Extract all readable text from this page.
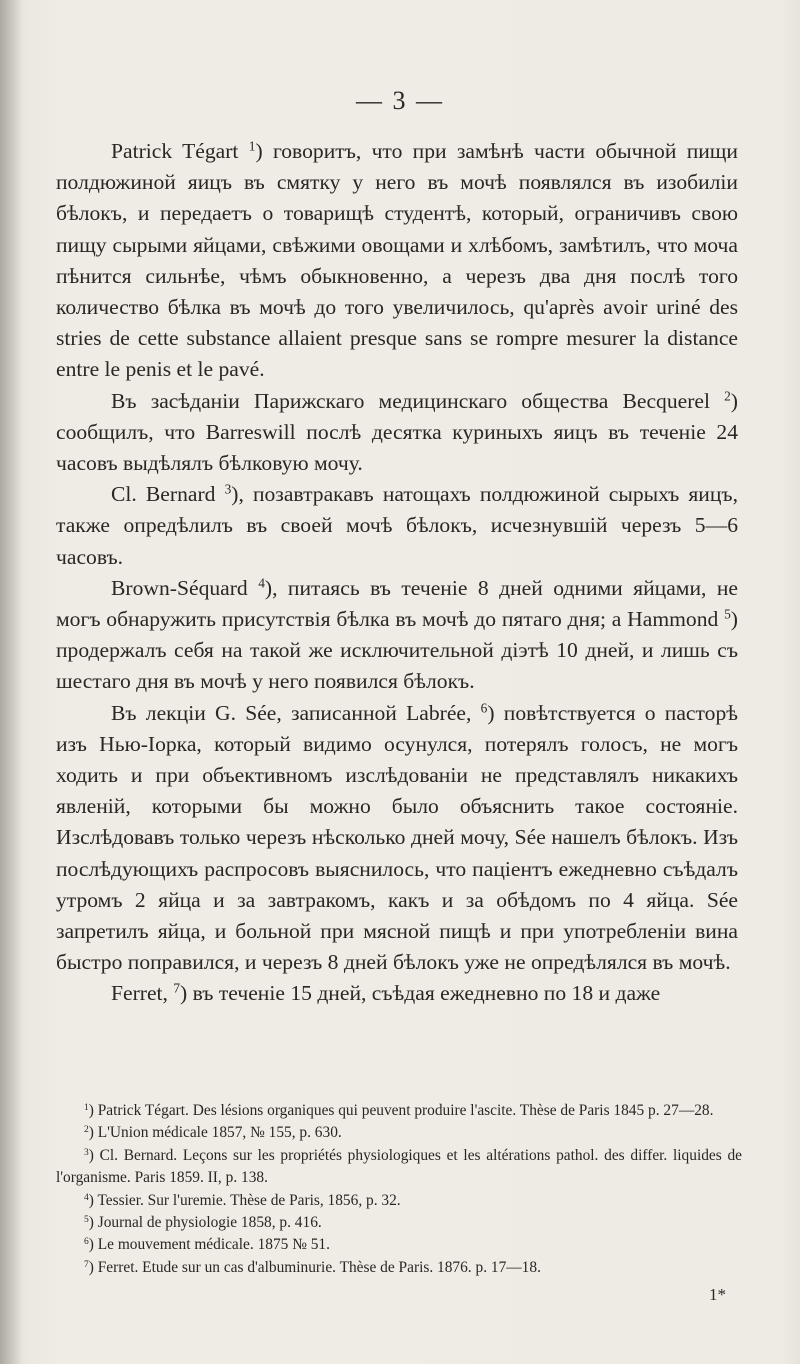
— 3 —

Patrick Tégart $^1$) говоритъ, что при замѣнѣ части обычной пищи полдюжиной яицъ въ смятку у него въ мочѣ появлялся въ изобиліи бѣлокъ, и передаетъ о товарищѣ студентѣ, который, ограничивъ свою пищу сырыми яйцами, свѣжими овощами и хлѣбомъ, замѣтилъ, что моча пѣнится сильнѣе, чѣмъ обыкновенно, а черезъ два дня послѣ того количество бѣлка въ мочѣ до того увеличилось, qu'après avoir uriné des stries de cette substance allaient presque sans se rompre mesurer la distance entre le penis et le pavé.

Въ засѣданіи Парижскаго медицинскаго общества Becquerel $^2$) сообщилъ, что Barreswill послѣ десятка куриныхъ яицъ въ теченіе 24 часовъ выдѣлялъ бѣлковую мочу.

Cl. Bernard $^3$), позавтракавъ натощахъ полдюжиной сырыхъ яицъ, также опредѣлилъ въ своей мочѣ бѣлокъ, исчезнувшій черезъ 5—6 часовъ.

Brown-Séquard $^4$), питаясь въ теченіе 8 дней одними яйцами, не могъ обнаружить присутствія бѣлка въ мочѣ до пятаго дня; а Hammond $^5$) продержалъ себя на такой же исключительной діэтѣ 10 дней, и лишь съ шестаго дня въ мочѣ у него появился бѣлокъ.

Въ лекціи G. Sée, записанной Labrée, $^6$) повѣтствуется о пасторѣ изъ Нью-Іорка, который видимо осунулся, потерялъ голосъ, не могъ ходить и при объективномъ изслѣдованіи не представлялъ никакихъ явленій, которыми бы можно было объяснить такое состояніе. Изслѣдовавъ только черезъ нѣсколько дней мочу, Sée нашелъ бѣлокъ. Изъ послѣдующихъ распросовъ выяснилось, что паціентъ ежедневно съѣдалъ утромъ 2 яйца и за завтракомъ, какъ и за обѣдомъ по 4 яйца. Sée запретилъ яйца, и больной при мясной пищѣ и при употребленіи вина быстро поправился, и черезъ 8 дней бѣлокъ уже не опредѣлялся въ мочѣ.

Ferret, $^7$) въ теченіе 15 дней, съѣдая ежедневно по 18 и даже

$^1$) Patrick Tégart. Des lésions organiques qui peuvent produire l'ascite. Thèse de Paris 1845 p. 27—28.

$^2$) L'Union médicale 1857, № 155, p. 630.

$^3$) Cl. Bernard. Leçons sur les propriétés physiologiques et les altérations pathol. des differ. liquides de l'organisme. Paris 1859. II, p. 138.

$^4$) Tessier. Sur l'uremie. Thèse de Paris, 1856, p. 32.

$^5$) Journal de physiologie 1858, p. 416.

$^6$) Le mouvement médicale. 1875 № 51.

$^7$) Ferret. Etude sur un cas d'albuminurie. Thèse de Paris. 1876. p. 17—18.

1*
